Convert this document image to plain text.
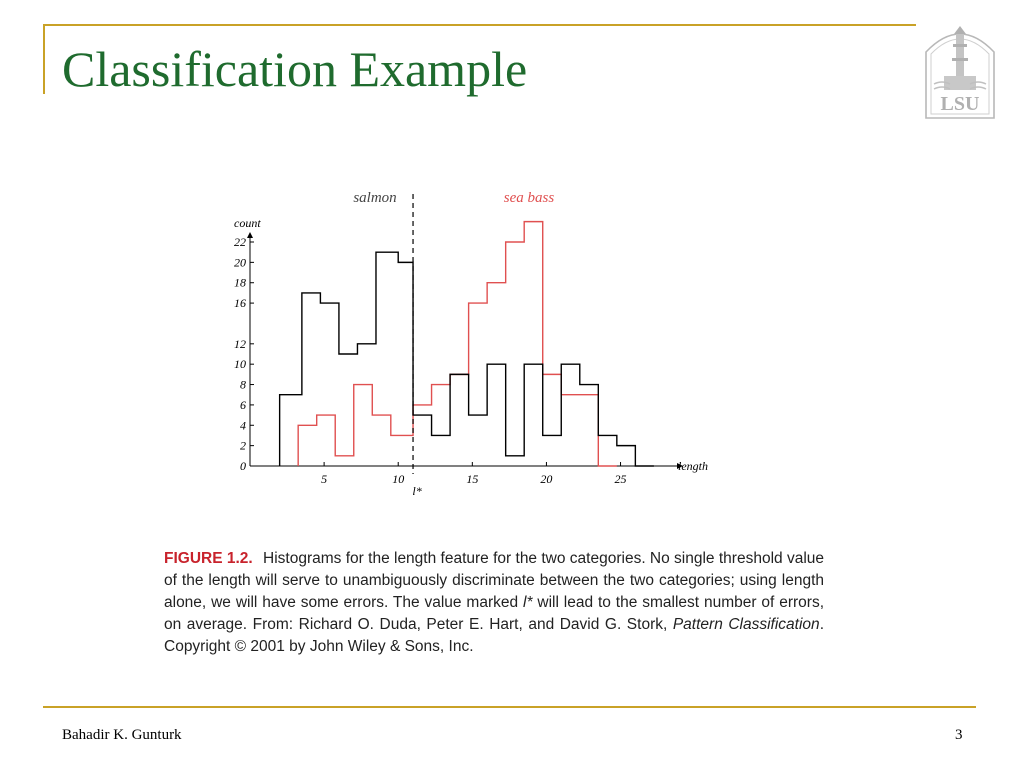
Classification Example
LSU
5	10	15	20	25
0
2
4
6
8
10
12
16
18
20
22
salmon	sea bass
count
length
l*

FIGURE 1.2. Histograms for the length feature for the two categories. No single threshold value of the length will serve to unambiguously discriminate between the two categories; using length alone, we will have some errors. The value marked l* will lead to the smallest number of errors, on average. From: Richard O. Duda, Peter E. Hart, and David G. Stork, Pattern Classification. Copyright © 2001 by John Wiley & Sons, Inc.

Bahadir K. Gunturk	3
